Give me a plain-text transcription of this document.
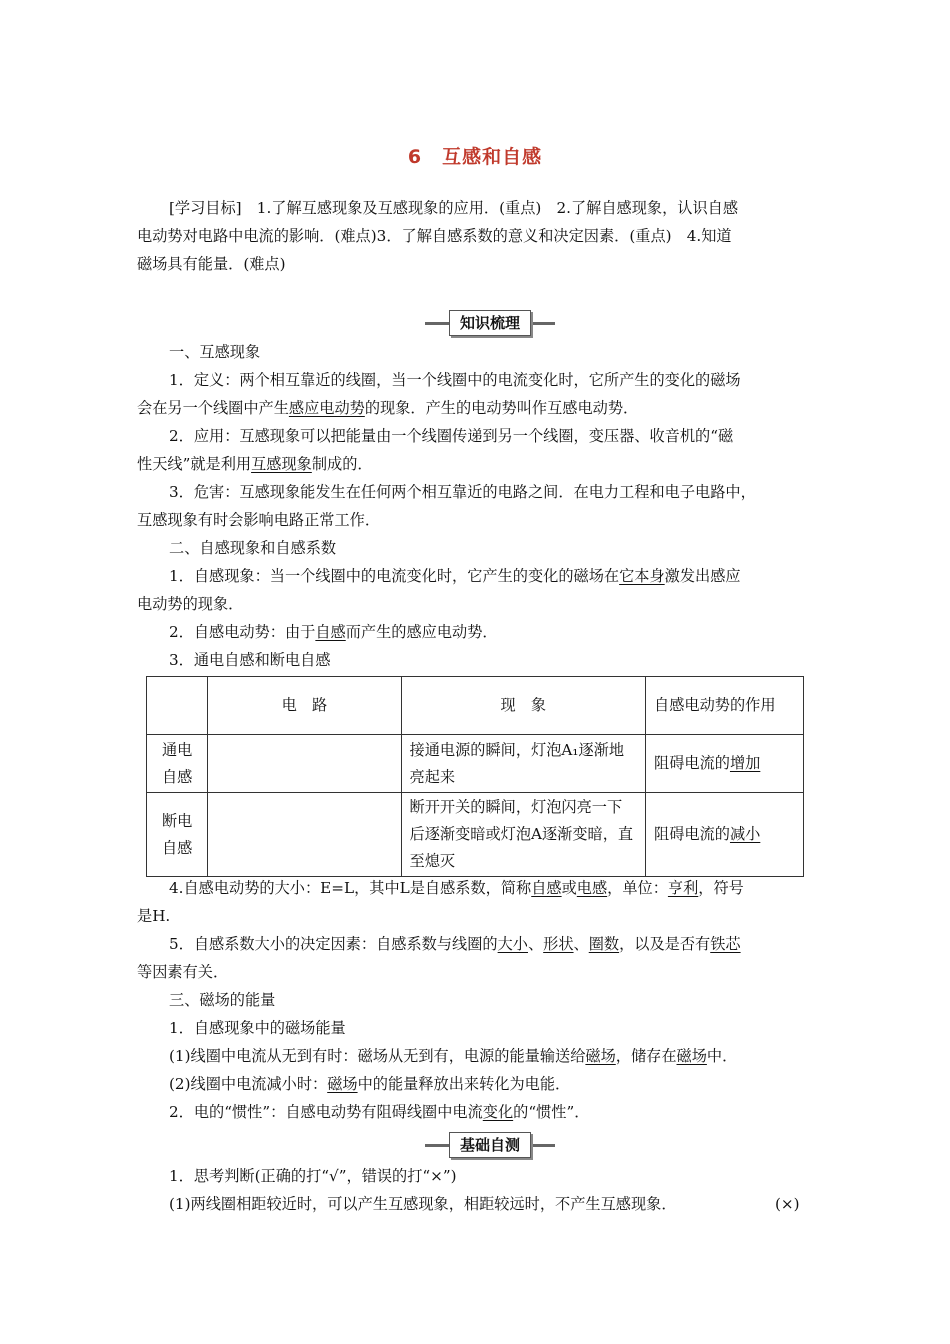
6　互感和自感
[学习目标]　1.了解互感现象及互感现象的应用．(重点)　2.了解自感现象，认识自感
电动势对电路中电流的影响．(难点)3．了解自感系数的意义和决定因素．(重点)　4.知道
磁场具有能量．(难点)
知识梳理
一、互感现象
1．定义：两个相互靠近的线圈，当一个线圈中的电流变化时，它所产生的变化的磁场
会在另一个线圈中产生感应电动势的现象．产生的电动势叫作互感电动势．
2．应用：互感现象可以把能量由一个线圈传递到另一个线圈，变压器、收音机的“磁
性天线”就是利用互感现象制成的．
3．危害：互感现象能发生在任何两个相互靠近的电路之间．在电力工程和电子电路中，
互感现象有时会影响电路正常工作．
二、自感现象和自感系数
1．自感现象：当一个线圈中的电流变化时，它产生的变化的磁场在它本身激发出感应
电动势的现象．
2．自感电动势：由于自感而产生的感应电动势．
3．通电自感和断电自感
	电　路	现　象	自感电动势的作用
通电自感		接通电源的瞬间，灯泡A₁逐渐地亮起来	阻碍电流的增加
断电自感		断开开关的瞬间，灯泡闪亮一下后逐渐变暗或灯泡A逐渐变暗，直至熄灭	阻碍电流的减小
4.自感电动势的大小：E=L，其中L是自感系数，简称自感或电感，单位：亨利，符号
是H.
5．自感系数大小的决定因素：自感系数与线圈的大小、形状、圈数，以及是否有铁芯
等因素有关．
三、磁场的能量
1．自感现象中的磁场能量
(1)线圈中电流从无到有时：磁场从无到有，电源的能量输送给磁场，储存在磁场中．
(2)线圈中电流减小时：磁场中的能量释放出来转化为电能．
2．电的“惯性”：自感电动势有阻碍线圈中电流变化的“惯性”．
基础自测
1．思考判断(正确的打“√”，错误的打“×”)
(1)两线圈相距较近时，可以产生互感现象，相距较远时，不产生互感现象．	(×)
